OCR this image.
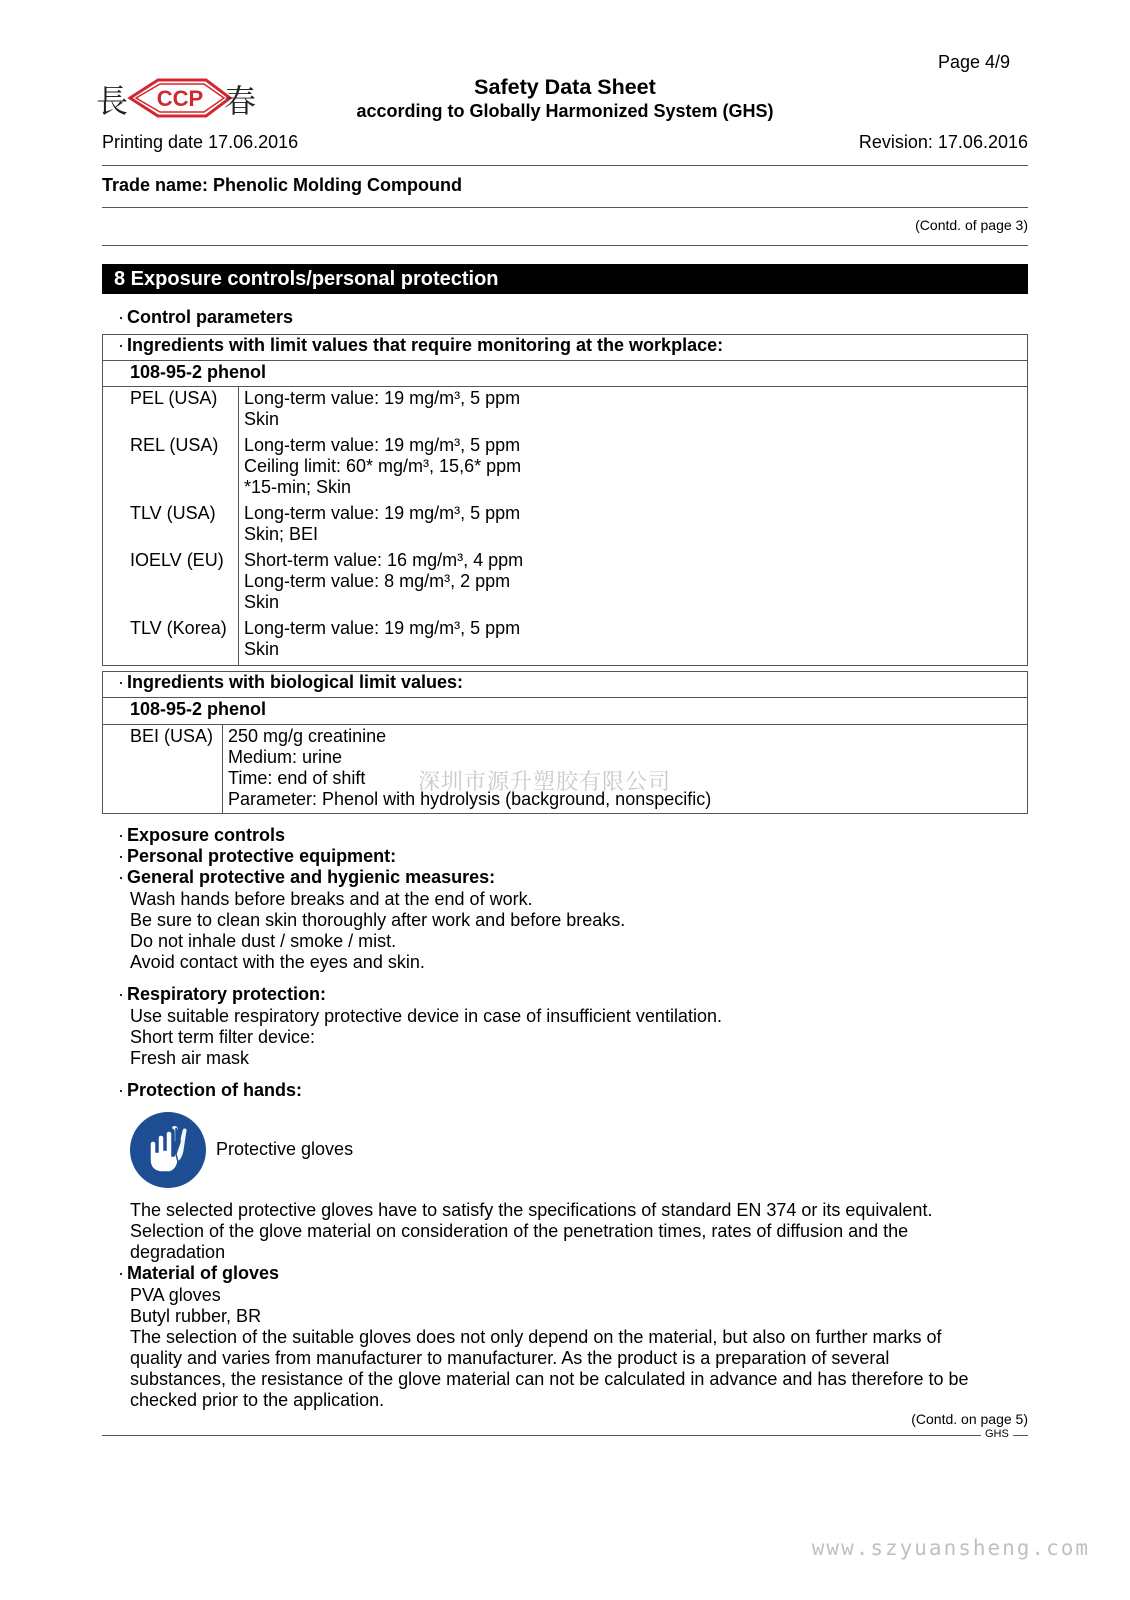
Page 4/9
長 CCP 春	Safety Data Sheet
according to Globally Harmonized System (GHS)
Printing date 17.06.2016	Revision: 17.06.2016
Trade name: Phenolic Molding Compound
(Contd. of page 3)
8 Exposure controls/personal protection
· Control parameters
· Ingredients with limit values that require monitoring at the workplace:
108-95-2 phenol
PEL (USA) Long-term value: 19 mg/m³, 5 ppm
Skin
REL (USA) Long-term value: 19 mg/m³, 5 ppm
Ceiling limit: 60* mg/m³, 15,6* ppm
*15-min; Skin
TLV (USA) Long-term value: 19 mg/m³, 5 ppm
Skin; BEI
IOELV (EU) Short-term value: 16 mg/m³, 4 ppm
Long-term value: 8 mg/m³, 2 ppm
Skin
TLV (Korea) Long-term value: 19 mg/m³, 5 ppm
Skin
· Ingredients with biological limit values:
108-95-2 phenol
BEI (USA) 250 mg/g creatinine
Medium: urine
Time: end of shift
Parameter: Phenol with hydrolysis (background, nonspecific)
深圳市源升塑胶有限公司
· Exposure controls
· Personal protective equipment:
· General protective and hygienic measures:
Wash hands before breaks and at the end of work.
Be sure to clean skin thoroughly after work and before breaks.
Do not inhale dust / smoke / mist.
Avoid contact with the eyes and skin.
· Respiratory protection:
Use suitable respiratory protective device in case of insufficient ventilation.
Short term filter device:
Fresh air mask
· Protection of hands:
Protective gloves
The selected protective gloves have to satisfy the specifications of standard EN 374 or its equivalent.
Selection of the glove material on consideration of the penetration times, rates of diffusion and the
degradation
· Material of gloves
PVA gloves
Butyl rubber, BR
The selection of the suitable gloves does not only depend on the material, but also on further marks of
quality and varies from manufacturer to manufacturer. As the product is a preparation of several
substances, the resistance of the glove material can not be calculated in advance and has therefore to be
checked prior to the application.
(Contd. on page 5)
GHS
www.szyuansheng.com
